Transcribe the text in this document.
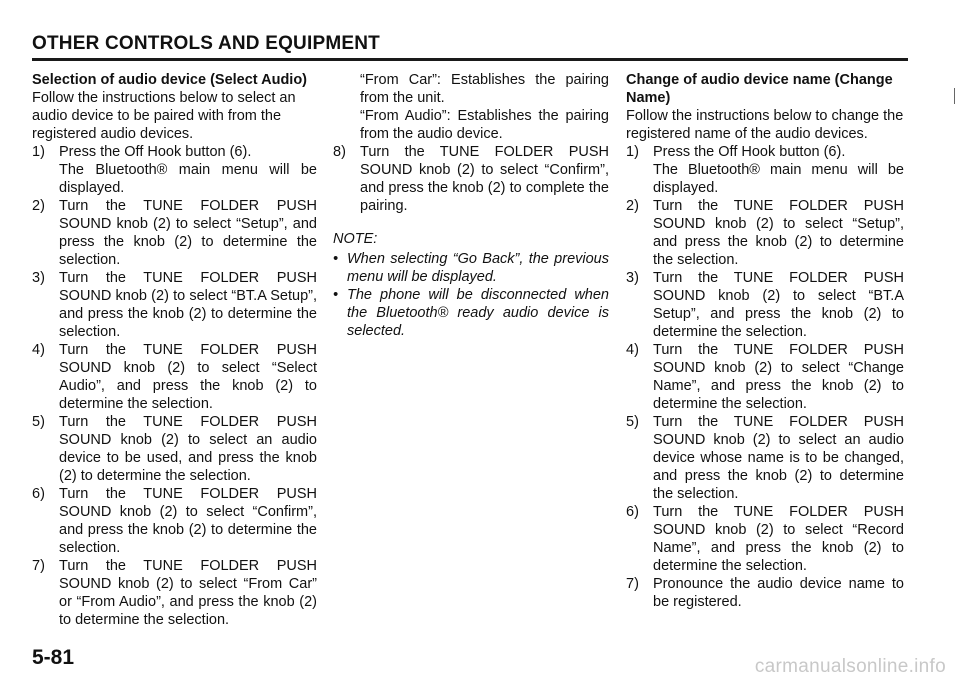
OTHER CONTROLS AND EQUIPMENT

Selection of audio device (Select Audio)

Follow the instructions below to select an audio device to be paired with from the registered audio devices.

1) Press the Off Hook button (6).

The Bluetooth® main menu will be displayed.

2) Turn the TUNE FOLDER PUSH SOUND knob (2) to select “Setup”, and press the knob (2) to determine the selection.
3) Turn the TUNE FOLDER PUSH SOUND knob (2) to select “BT.A Setup”, and press the knob (2) to determine the selection.
4) Turn the TUNE FOLDER PUSH SOUND knob (2) to select “Select Audio”, and press the knob (2) to determine the selection.
5) Turn the TUNE FOLDER PUSH SOUND knob (2) to select an audio device to be used, and press the knob (2) to determine the selection.
6) Turn the TUNE FOLDER PUSH SOUND knob (2) to select “Confirm”, and press the knob (2) to determine the selection.
7) Turn the TUNE FOLDER PUSH SOUND knob (2) to select “From Car” or “From Audio”, and press the knob (2) to determine the selection.

“From Car”: Establishes the pairing from the unit.

“From Audio”: Establishes the pairing from the audio device.

8) Turn the TUNE FOLDER PUSH SOUND knob (2) to select “Confirm”, and press the knob (2) to complete the pairing.

NOTE:

• When selecting “Go Back”, the previous menu will be displayed.
• The phone will be disconnected when the Bluetooth® ready audio device is selected.

Change of audio device name (Change Name)

Follow the instructions below to change the registered name of the audio devices.

1) Press the Off Hook button (6).

The Bluetooth® main menu will be displayed.

2) Turn the TUNE FOLDER PUSH SOUND knob (2) to select “Setup”, and press the knob (2) to determine the selection.
3) Turn the TUNE FOLDER PUSH SOUND knob (2) to select “BT.A Setup”, and press the knob (2) to determine the selection.
4) Turn the TUNE FOLDER PUSH SOUND knob (2) to select “Change Name”, and press the knob (2) to determine the selection.
5) Turn the TUNE FOLDER PUSH SOUND knob (2) to select an audio device whose name is to be changed, and press the knob (2) to determine the selection.
6) Turn the TUNE FOLDER PUSH SOUND knob (2) to select “Record Name”, and press the knob (2) to determine the selection.
7) Pronounce the audio device name to be registered.
5-81	carmanualsonline.info
